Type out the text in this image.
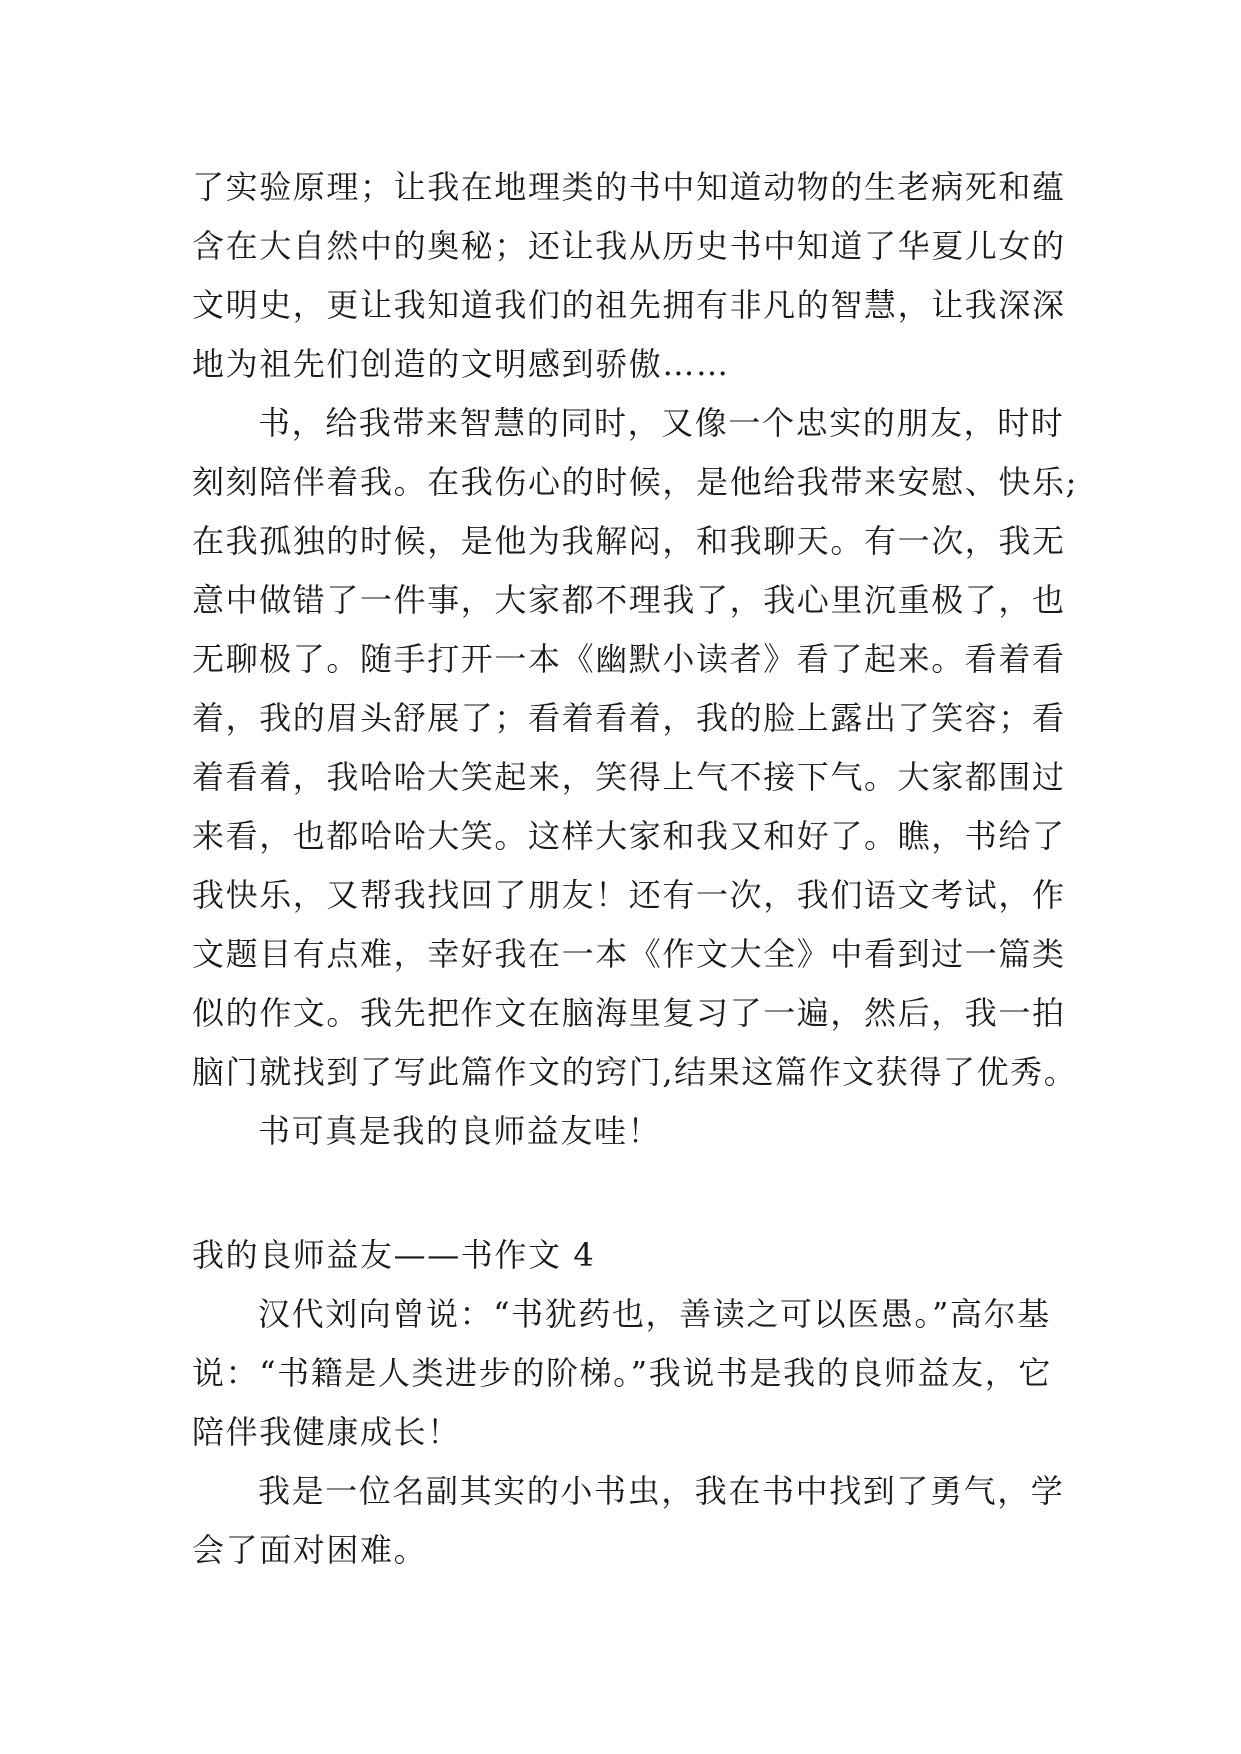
了实验原理；让我在地理类的书中知道动物的生老病死和蕴
含在大自然中的奥秘；还让我从历史书中知道了华夏儿女的
文明史，更让我知道我们的祖先拥有非凡的智慧，让我深深
地为祖先们创造的文明感到骄傲……
书，给我带来智慧的同时，又像一个忠实的朋友，时时
刻刻陪伴着我。在我伤心的时候，是他给我带来安慰、快乐;
在我孤独的时候，是他为我解闷，和我聊天。有一次，我无
意中做错了一件事，大家都不理我了，我心里沉重极了，也
无聊极了。随手打开一本《幽默小读者》看了起来。看着看
着，我的眉头舒展了；看着看着，我的脸上露出了笑容；看
着看着，我哈哈大笑起来，笑得上气不接下气。大家都围过
来看，也都哈哈大笑。这样大家和我又和好了。瞧，书给了
我快乐，又帮我找回了朋友！还有一次，我们语文考试，作
文题目有点难，幸好我在一本《作文大全》中看到过一篇类
似的作文。我先把作文在脑海里复习了一遍，然后，我一拍
脑门就找到了写此篇作文的窍门,结果这篇作文获得了优秀。
书可真是我的良师益友哇！
我的良师益友——书作文 4
汉代刘向曾说：“书犹药也，善读之可以医愚。”高尔基
说：“书籍是人类进步的阶梯。”我说书是我的良师益友，它
陪伴我健康成长！
我是一位名副其实的小书虫，我在书中找到了勇气，学
会了面对困难。
